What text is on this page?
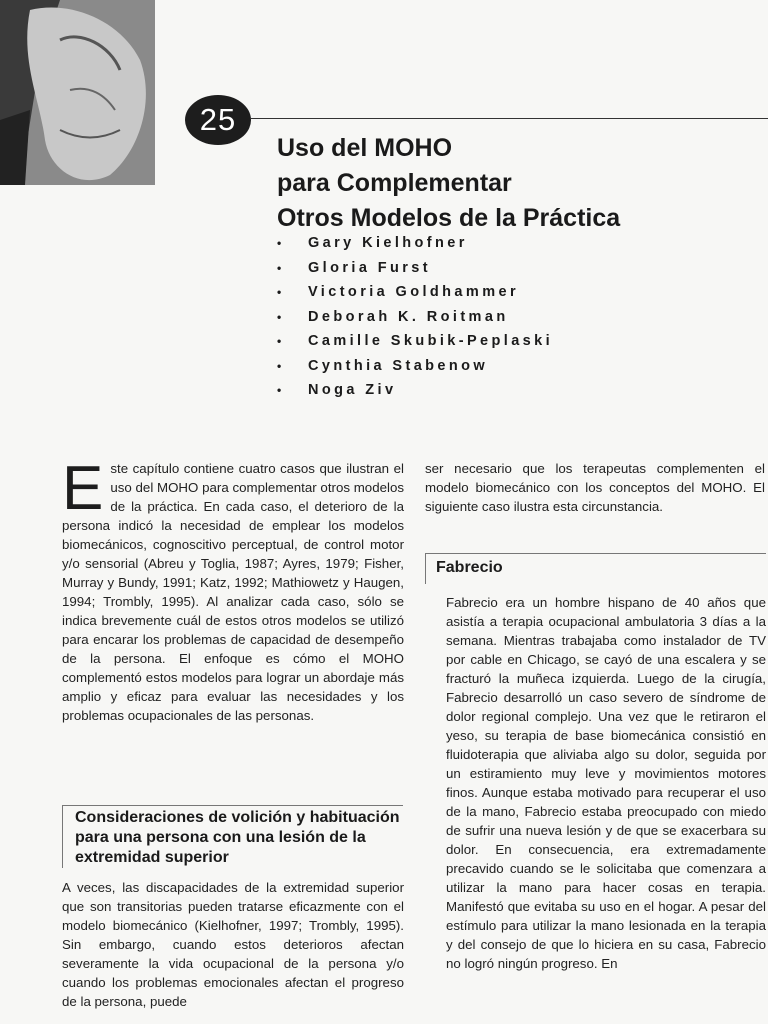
25
Uso del MOHO
para Complementar
Otros Modelos de la Práctica
•	Gary Kielhofner
•	Gloria Furst
•	Victoria Goldhammer
•	Deborah K. Roitman
•	Camille Skubik-Peplaski
•	Cynthia Stabenow
•	Noga Ziv
E ste capítulo contiene cuatro casos que ilustran el uso del MOHO para complementar otros modelos de la práctica. En cada caso, el deterioro de la persona indicó la necesidad de emplear los modelos biomecánicos, cognoscitivo perceptual, de control motor y/o sensorial (Abreu y Toglia, 1987; Ayres, 1979; Fisher, Murray y Bundy, 1991; Katz, 1992; Mathiowetz y Haugen, 1994; Trombly, 1995). Al analizar cada caso, sólo se indica brevemente cuál de estos otros modelos se utilizó para encarar los problemas de capacidad de desempeño de la persona. El enfoque es cómo el MOHO complementó estos modelos para lograr un abordaje más amplio y eficaz para evaluar las necesidades y los problemas ocupacionales de las personas.

Consideraciones de volición y habituación para una persona con una lesión de la extremidad superior

A veces, las discapacidades de la extremidad superior que son transitorias pueden tratarse eficazmente con el modelo biomecánico (Kielhofner, 1997; Trombly, 1995). Sin embargo, cuando estos deterioros afectan severamente la vida ocupacional de la persona y/o cuando los problemas emocionales afectan el progreso de la persona, puede

ser necesario que los terapeutas complementen el modelo biomecánico con los conceptos del MOHO. El siguiente caso ilustra esta circunstancia.

Fabrecio

Fabrecio era un hombre hispano de 40 años que asistía a terapia ocupacional ambulatoria 3 días a la semana. Mientras trabajaba como instalador de TV por cable en Chicago, se cayó de una escalera y se fracturó la muñeca izquierda. Luego de la cirugía, Fabrecio desarrolló un caso severo de síndrome de dolor regional complejo. Una vez que le retiraron el yeso, su terapia de base biomecánica consistió en fluidoterapia que aliviaba algo su dolor, seguida por un estiramiento muy leve y movimientos motores finos. Aunque estaba motivado para recuperar el uso de la mano, Fabrecio estaba preocupado con miedo de sufrir una nueva lesión y de que se exacerbara su dolor. En consecuencia, era extremadamente precavido cuando se le solicitaba que comenzara a utilizar la mano para hacer cosas en terapia. Manifestó que evitaba su uso en el hogar. A pesar del estímulo para utilizar la mano lesionada en la terapia y del consejo de que lo hiciera en su casa, Fabrecio no logró ningún progreso. En
